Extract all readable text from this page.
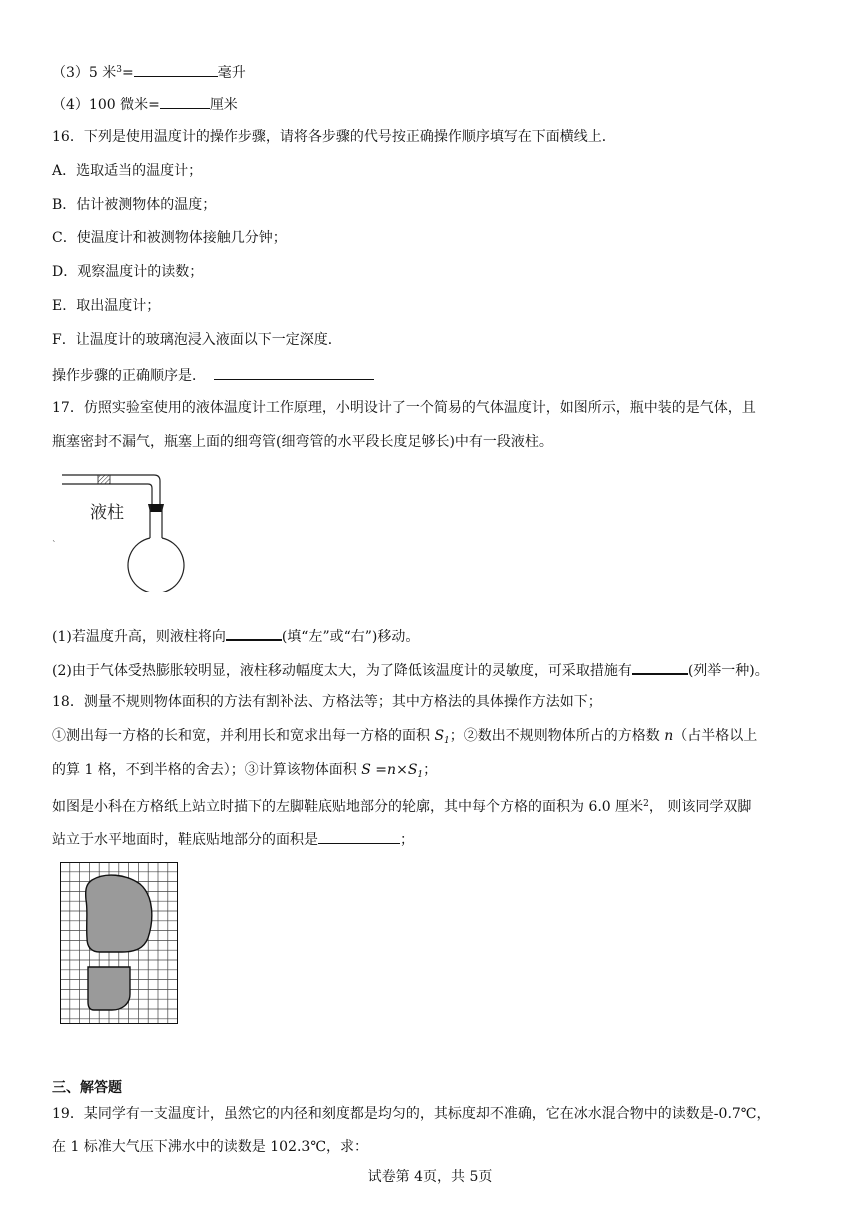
（3）5 米$^3$=	毫升
（4）100 微米=	厘米
16．下列是使用温度计的操作步骤，请将各步骤的代号按正确操作顺序填写在下面横线上．
A．选取适当的温度计；
B．估计被测物体的温度；
C．使温度计和被测物体接触几分钟；
D．观察温度计的读数；
E．取出温度计；
F．让温度计的玻璃泡浸入液面以下一定深度．
操作步骤的正确顺序是．
17．仿照实验室使用的液体温度计工作原理，小明设计了一个简易的气体温度计，如图所示，瓶中装的是气体，且
瓶塞密封不漏气，瓶塞上面的细弯管(细弯管的水平段长度足够长)中有一段液柱。
液柱
`
(1)若温度升高，则液柱将向	(填“左”或“右”)移动。
(2)由于气体受热膨胀较明显，液柱移动幅度太大，为了降低该温度计的灵敏度，可采取措施有	(列举一种)。
18．测量不规则物体面积的方法有割补法、方格法等；其中方格法的具体操作方法如下；
①测出每一方格的长和宽，并利用长和宽求出每一方格的面积 $S_1$；②数出不规则物体所占的方格数 n（占半格以上
的算 1 格，不到半格的舍去）；③计算该物体面积 $S =n\times S_1$；
如图是小科在方格纸上站立时描下的左脚鞋底贴地部分的轮廓，其中每个方格的面积为 6.0 厘米$^2$， 则该同学双脚
站立于水平地面时，鞋底贴地部分的面积是	；
三、解答题
19．某同学有一支温度计，虽然它的内径和刻度都是均匀的，其标度却不准确，它在冰水混合物中的读数是-0.7℃，
在 1 标准大气压下沸水中的读数是 102.3℃，求：
试卷第 4页，共 5页
